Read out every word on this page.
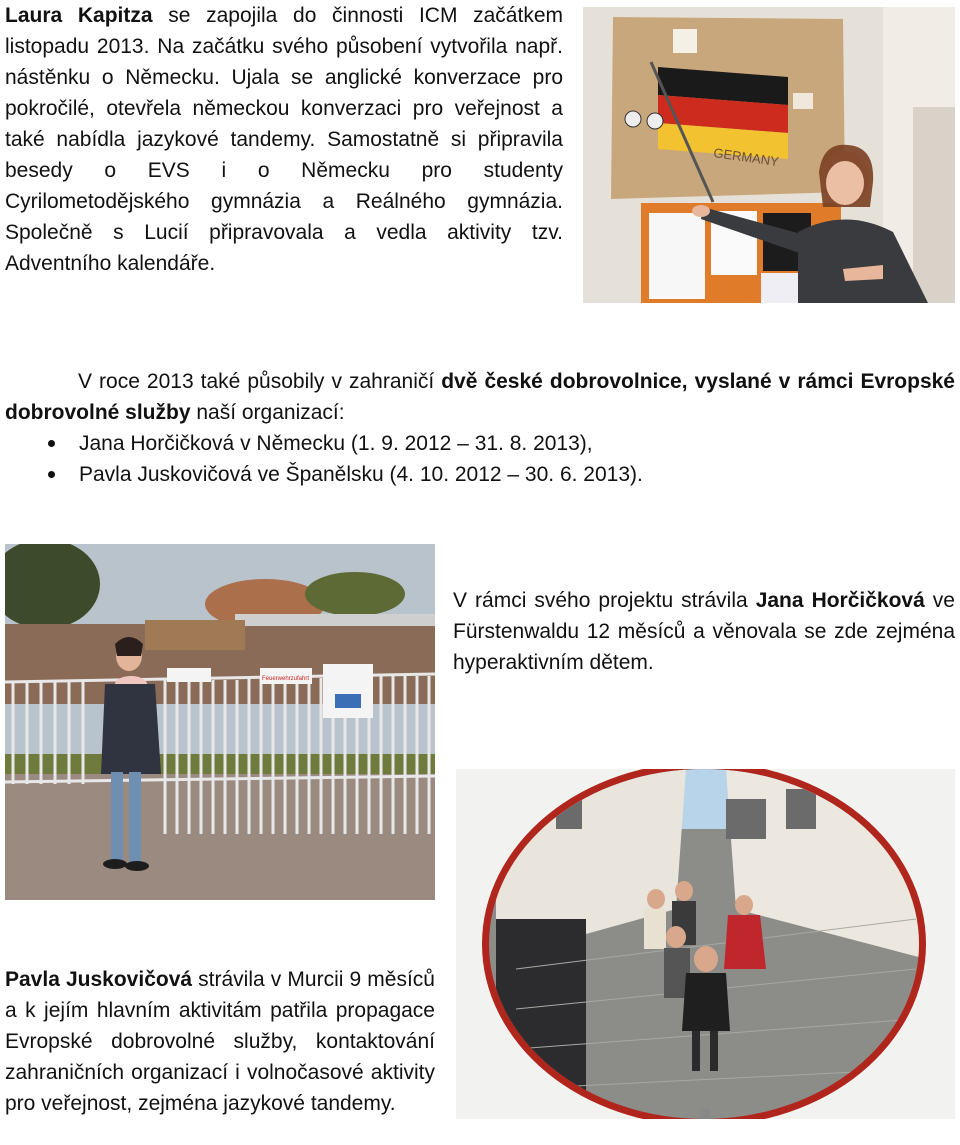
Laura Kapitza se zapojila do činnosti ICM začátkem listopadu 2013. Na začátku svého působení vytvořila např. nástěnku o Německu. Ujala se anglické konverzace pro pokročilé, otevřela německou konverzaci pro veřejnost a také nabídla jazykové tandemy. Samostatně si připravila besedy o EVS i o Německu pro studenty Cyrilometodějského gymnázia a Reálného gymnázia. Společně s Lucií připravovala a vedla aktivity tzv. Adventního kalendáře.

GERMANY

V roce 2013 také působily v zahraničí dvě české dobrovolnice, vyslané v rámci Evropské dobrovolné služby naší organizací:

Jana Horčičková v Německu (1. 9. 2012 – 31. 8. 2013),
Pavla Juskovičová ve Španělsku (4. 10. 2012 – 30. 6. 2013).
Feuerwehrzufahrt

V rámci svého projektu strávila Jana Horčičková ve Fürstenwaldu 12 měsíců a věnovala se zde zejména hyperaktivním dětem.

Pavla Juskovičová strávila v Murcii 9 měsíců a k jejím hlavním aktivitám patřila propagace Evropské dobrovolné služby, kontaktování zahraničních organizací i volnočasové aktivity pro veřejnost, zejména jazykové tandemy.
